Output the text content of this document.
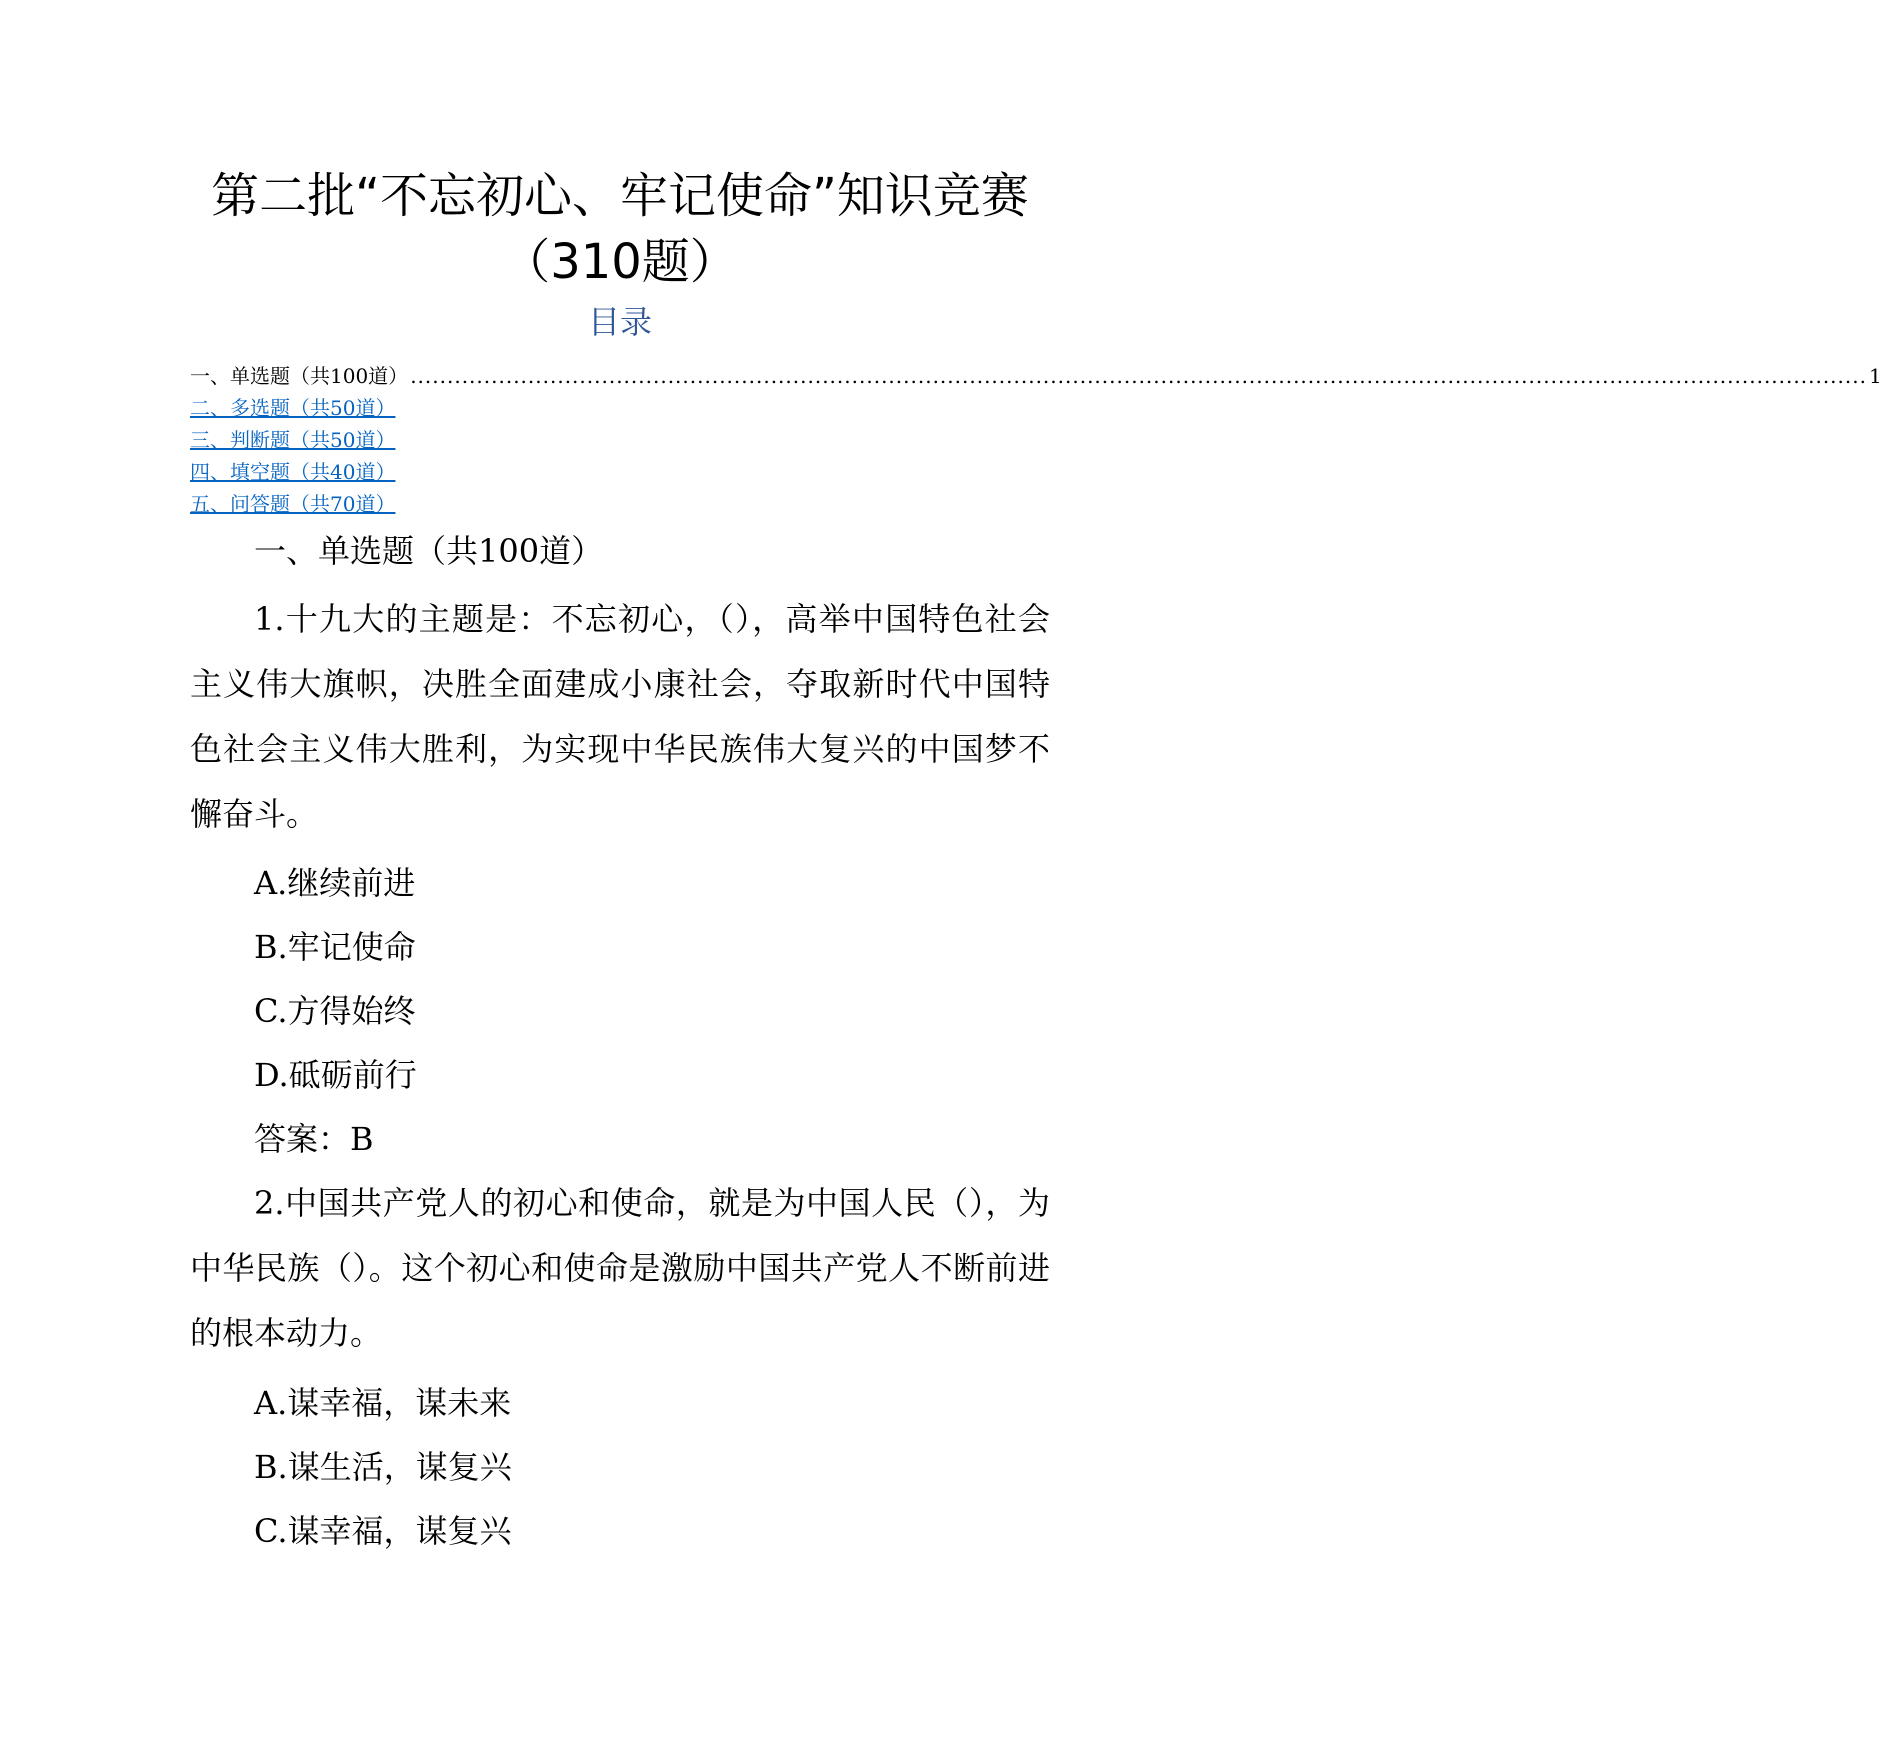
第二批“不忘初心、牢记使命”知识竞赛
（310题）
目录
一、单选题（共100道） ...................................................................................................................................................................................................... 1
二、多选题（共50道）
三、判断题（共50道）
四、填空题（共40道）
五、问答题（共70道）
一、单选题（共100道）
1.十九大的主题是：不忘初心，（），高举中国特色社会主义伟大旗帜，决胜全面建成小康社会，夺取新时代中国特色社会主义伟大胜利，为实现中华民族伟大复兴的中国梦不懈奋斗。
A.继续前进
B.牢记使命
C.方得始终
D.砥砺前行
答案：B
2.中国共产党人的初心和使命，就是为中国人民（），为中华民族（）。这个初心和使命是激励中国共产党人不断前进的根本动力。
A.谋幸福，谋未来
B.谋生活，谋复兴
C.谋幸福，谋复兴
